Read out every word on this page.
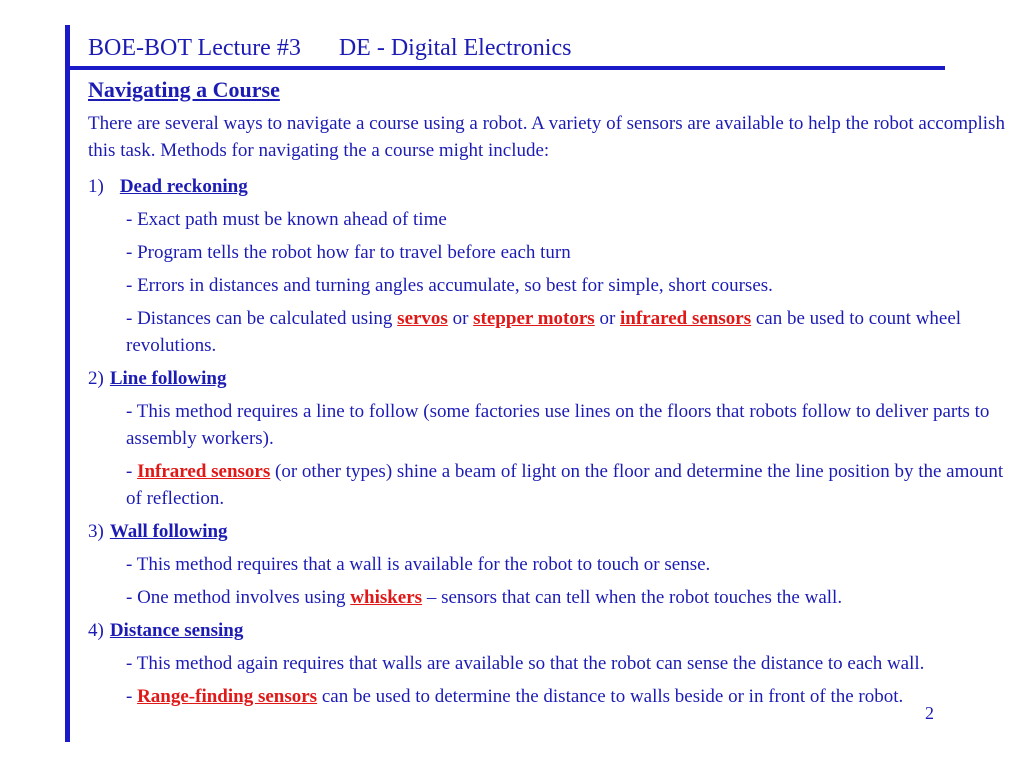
BOE-BOT Lecture #3 DE - Digital Electronics
Navigating a Course
There are several ways to navigate a course using a robot. A variety of sensors are available to help the robot accomplish this task. Methods for navigating the a course might include:
1) Dead reckoning
- Exact path must be known ahead of time
- Program tells the robot how far to travel before each turn
- Errors in distances and turning angles accumulate, so best for simple, short courses.
- Distances can be calculated using servos or stepper motors or infrared sensors can be used to count wheel revolutions.
2) Line following
- This method requires a line to follow (some factories use lines on the floors that robots follow to deliver parts to assembly workers).
- Infrared sensors (or other types) shine a beam of light on the floor and determine the line position by the amount of reflection.
3) Wall following
- This method requires that a wall is available for the robot to touch or sense.
- One method involves using whiskers – sensors that can tell when the robot touches the wall.
4) Distance sensing
- This method again requires that walls are available so that the robot can sense the distance to each wall.
- Range-finding sensors can be used to determine the distance to walls beside or in front of the robot.
2
